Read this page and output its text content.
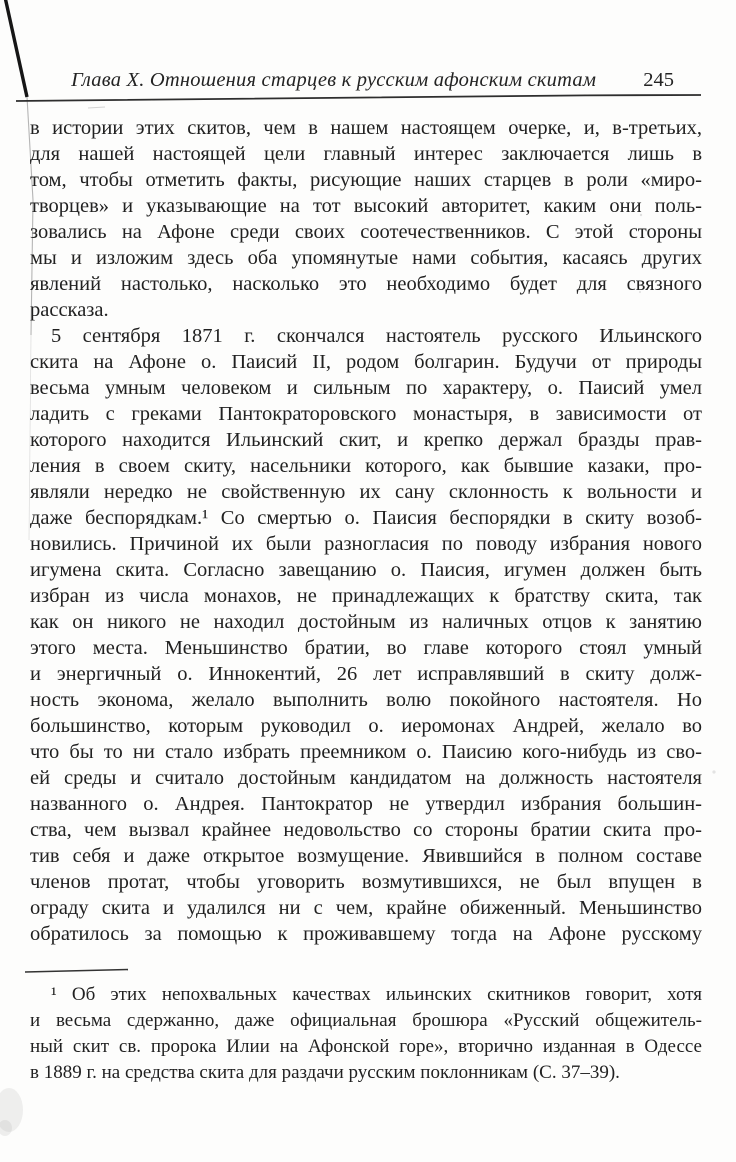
Глава X. Отношения старцев к русским афонским скитам	245
в истории этих скитов, чем в нашем настоящем очерке, и, в-третьих,
для нашей настоящей цели главный интерес заключается лишь в
том, чтобы отметить факты, рисующие наших старцев в роли «миро-
творцев» и указывающие на тот высокий авторитет, каким они поль-
зовались на Афоне среди своих соотечественников. С этой стороны
мы и изложим здесь оба упомянутые нами события, касаясь других
явлений настолько, насколько это необходимо будет для связного
рассказа.
5 сентября 1871 г. скончался настоятель русского Ильинского
скита на Афоне о. Паисий II, родом болгарин. Будучи от природы
весьма умным человеком и сильным по характеру, о. Паисий умел
ладить с греками Пантократоровского монастыря, в зависимости от
которого находится Ильинский скит, и крепко держал бразды прав-
ления в своем скиту, насельники которого, как бывшие казаки, про-
являли нередко не свойственную их сану склонность к вольности и
даже беспорядкам.¹ Со смертью о. Паисия беспорядки в скиту возоб-
новились. Причиной их были разногласия по поводу избрания нового
игумена скита. Согласно завещанию о. Паисия, игумен должен быть
избран из числа монахов, не принадлежащих к братству скита, так
как он никого не находил достойным из наличных отцов к занятию
этого места. Меньшинство братии, во главе которого стоял умный
и энергичный о. Иннокентий, 26 лет исправлявший в скиту долж-
ность эконома, желало выполнить волю покойного настоятеля. Но
большинство, которым руководил о. иеромонах Андрей, желало во
что бы то ни стало избрать преемником о. Паисию кого-нибудь из сво-
ей среды и считало достойным кандидатом на должность настоятеля
названного о. Андрея. Пантократор не утвердил избрания большин-
ства, чем вызвал крайнее недовольство со стороны братии скита про-
тив себя и даже открытое возмущение. Явившийся в полном составе
членов протат, чтобы уговорить возмутившихся, не был впущен в
ограду скита и удалился ни с чем, крайне обиженный. Меньшинство
обратилось за помощью к проживавшему тогда на Афоне русскому
¹ Об этих непохвальных качествах ильинских скитников говорит, хотя
и весьма сдержанно, даже официальная брошюра «Русский общежитель-
ный скит св. пророка Илии на Афонской горе», вторично изданная в Одессе
в 1889 г. на средства скита для раздачи русским поклонникам (С. 37–39).
